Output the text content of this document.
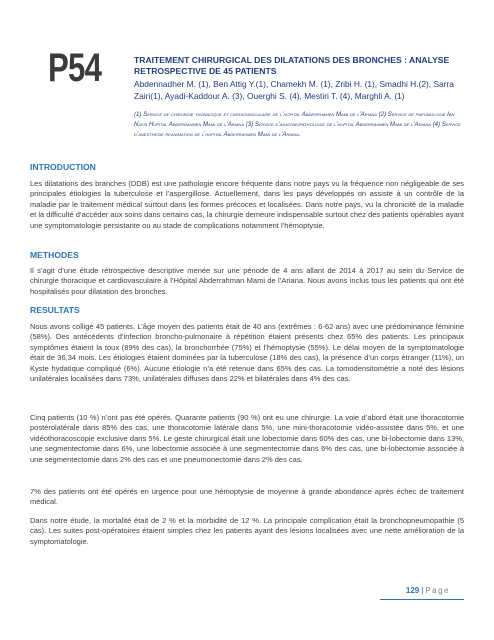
P54	TRAITEMENT CHIRURGICAL DES DILATATIONS DES BRONCHES : ANALYSE RETROSPECTIVE DE 45 PATIENTS
Abdennadher M. (1), Ben Attig Y.(1), Chamekh M. (1), Zribi H. (1), Smadhi H.(2), Sarra Zairi(1), Ayadi-Kaddour A. (3), Ouerghi S. (4), Mestiri T. (4), Marghli A. (1)
(1) Service de chirurgie thoracique et cardiovasculaire de l’hopital Abderrhamen Mami de l’Ariana (2) Service de pneumologie Ibn Nafis Hopital Abderrahmen Mami de l’Ariana (3) Service d’anatomopathologie de l’hopital Abderrahmen Mami de l’Ariana (4) Service d’anesthesie reanimation de l’hopital Abderrahmen Mami de l’Ariana.
INTRODUCTION
Les dilatations des branches (DDB) est une pathologie encore fréquente dans notre pays vu la fréquence non négligeable de ses principales étiologies la tuberculose et l’aspergillose. Actuellement, dans les pays développés on assiste à un contrôle de la maladie par le traitement médical surtout dans les formes précoces et localisées. Dans notre pays, vu la chronicité de la maladie et la difficulté d’accéder aux soins dans certains cas, la chirurgie demeure indispensable surtout chez des patients opérables ayant une symptomatologie persistante ou au stade de complications notamment l’hémoptysie.
METHODES
Il s’agit d’une étude rétrospective descriptive menée sur une période de 4 ans allant de 2014 à 2017 au sein du Service de chirurgie thoracique et cardiovasculaire à l’Hôpital Abderrahman Mami de l’Ariana. Nous avons inclus tous les patients qui ont été hospitalisés pour dilatation des bronches.
RESULTATS
Nous avons colligé 45 patients. L’âge moyen des patients était de 40 ans (extrêmes : 6-62 ans) avec une prédominance féminine (58%). Des antécédents d’infection broncho-pulmonaire à répétition étaient présents chez 65% des patients. Les principaux symptômes étaient la toux (89% des cas), la bronchorrhée (75%) et l’hémoptysie (55%). Le délai moyen de la symptomatologie était de 36,34 mois. Les étiologies étaient dominées par la tuberculose (18% des cas), la présence d’un corps étranger (11%), un Kyste hydatique compliqué (6%). Aucune étiologie n’a été retenue dans 65% des cas. La tomodensitométrie a noté des lésions unilatérales localisées dans 73%, unilatérales diffuses dans 22% et bilatérales dans 4% des cas.
Cinq patients (10 %) n’ont pas été opérés. Quarante patients (90 %) ont eu une chirurgie. La voie d’abord était une thoracotomie postérolatérale dans 85% des cas, une thoracotomie latérale dans 5%, une mini-thoracotomie vidéo-assistée dans 5%, et une vidéothoracoscopie exclusive dans 5%. Le geste chirurgical était une lobectomie dans 60% des cas, une bi-lobectomie dans 13%, une segmentectomie dans 6%, une lobectomie associée à une segmentectomie dans 6% des cas, une bi-lobectomie associée à une segmentectomie dans 2% des cas et une pneumonectomie dans 2% des cas.
7% des patients ont été opérés en urgence pour une hémoptysie de moyenne à grande abondance après échec de traitement médical.
Dans notre étude, la mortalité était de 2 % et la morbidité de 12 %. La principale complication était la bronchopneumopathie (5 cas). Les suites post-opératoires étaient simples chez les patients ayant des lésions localisées avec une nette amélioration de la symptomatologie.
129 | Page
